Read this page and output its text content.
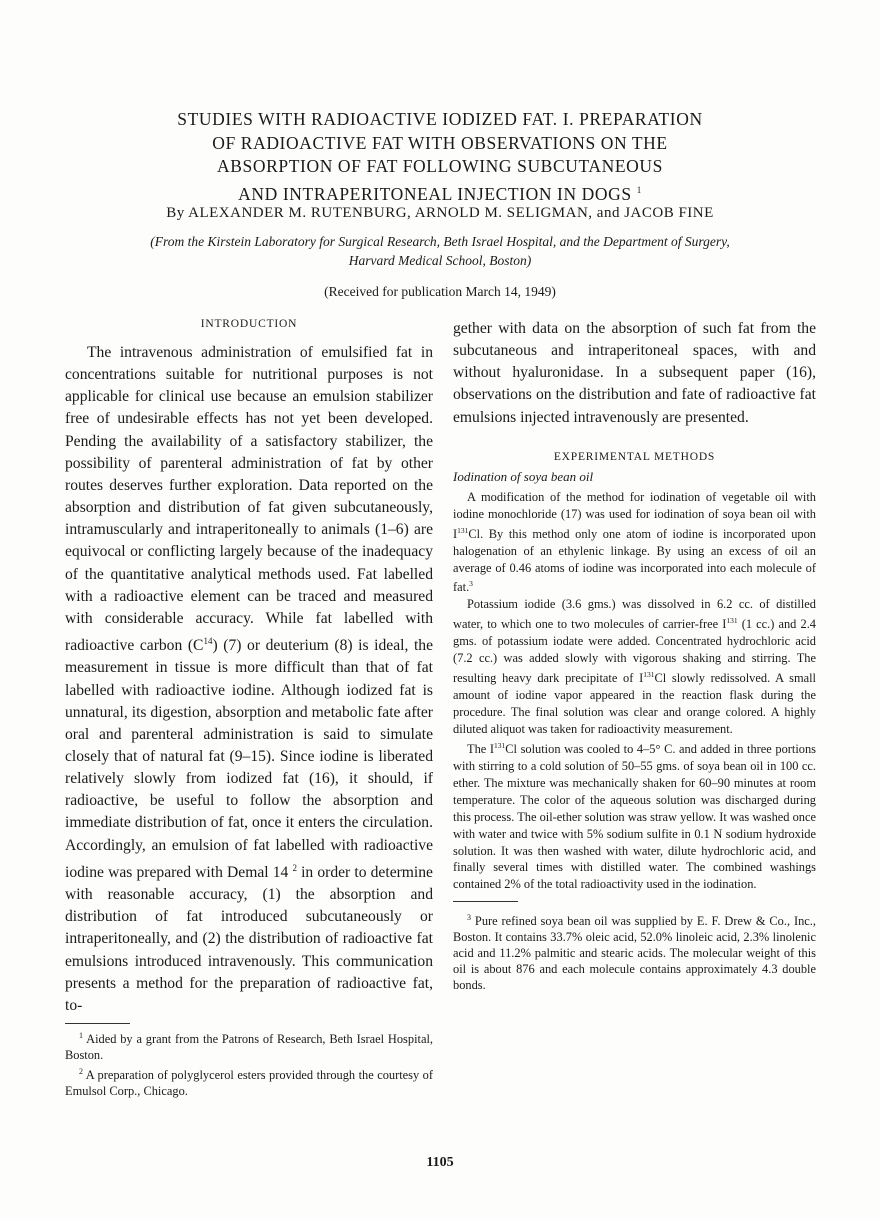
STUDIES WITH RADIOACTIVE IODIZED FAT. I. PREPARATION
OF RADIOACTIVE FAT WITH OBSERVATIONS ON THE
ABSORPTION OF FAT FOLLOWING SUBCUTANEOUS
AND INTRAPERITONEAL INJECTION IN DOGS $^1$
By ALEXANDER M. RUTENBURG, ARNOLD M. SELIGMAN, and JACOB FINE
(From the Kirstein Laboratory for Surgical Research, Beth Israel Hospital, and the Department of Surgery, Harvard Medical School, Boston)
(Received for publication March 14, 1949)

INTRODUCTION

The intravenous administration of emulsified fat in concentrations suitable for nutritional purposes is not applicable for clinical use because an emulsion stabilizer free of undesirable effects has not yet been developed. Pending the availability of a satisfactory stabilizer, the possibility of parenteral administration of fat by other routes deserves further exploration. Data reported on the absorption and distribution of fat given subcutaneously, intramuscularly and intraperitoneally to animals (1–6) are equivocal or conflicting largely because of the inadequacy of the quantitative analytical methods used. Fat labelled with a radioactive element can be traced and measured with considerable accuracy. While fat labelled with radioactive carbon $(C^{14})$ (7) or deuterium (8) is ideal, the measurement in tissue is more difficult than that of fat labelled with radioactive iodine. Although iodized fat is unnatural, its digestion, absorption and metabolic fate after oral and parenteral administration is said to simulate closely that of natural fat (9–15). Since iodine is liberated relatively slowly from iodized fat (16), it should, if radioactive, be useful to follow the absorption and immediate distribution of fat, once it enters the circulation. Accordingly, an emulsion of fat labelled with radioactive iodine was prepared with Demal 14 $^2$ in order to determine with reasonable accuracy, (1) the absorption and distribution of fat introduced subcutaneously or intraperitoneally, and (2) the distribution of radioactive fat emulsions introduced intravenously. This communication presents a method for the preparation of radioactive fat, to-

$^1$ Aided by a grant from the Patrons of Research, Beth Israel Hospital, Boston.

$^2$ A preparation of polyglycerol esters provided through the courtesy of Emulsol Corp., Chicago.

gether with data on the absorption of such fat from the subcutaneous and intraperitoneal spaces, with and without hyaluronidase. In a subsequent paper (16), observations on the distribution and fate of radioactive fat emulsions injected intravenously are presented.

EXPERIMENTAL METHODS

Iodination of soya bean oil

A modification of the method for iodination of vegetable oil with iodine monochloride (17) was used for iodination of soya bean oil with $I^{131}Cl$. By this method only one atom of iodine is incorporated upon halogenation of an ethylenic linkage. By using an excess of oil an average of 0.46 atoms of iodine was incorporated into each molecule of fat.$^3$

Potassium iodide (3.6 gms.) was dissolved in 6.2 cc. of distilled water, to which one to two molecules of carrier-free $I^{131}$ (1 cc.) and 2.4 gms. of potassium iodate were added. Concentrated hydrochloric acid (7.2 cc.) was added slowly with vigorous shaking and stirring. The resulting heavy dark precipitate of $I^{131}Cl$ slowly redissolved. A small amount of iodine vapor appeared in the reaction flask during the procedure. The final solution was clear and orange colored. A highly diluted aliquot was taken for radioactivity measurement.

The $I^{131}Cl$ solution was cooled to 4–5° C. and added in three portions with stirring to a cold solution of 50–55 gms. of soya bean oil in 100 cc. ether. The mixture was mechanically shaken for 60–90 minutes at room temperature. The color of the aqueous solution was discharged during this process. The oil-ether solution was straw yellow. It was washed once with water and twice with 5% sodium sulfite in 0.1 N sodium hydroxide solution. It was then washed with water, dilute hydrochloric acid, and finally several times with distilled water. The combined washings contained 2% of the total radioactivity used in the iodination.

$^3$ Pure refined soya bean oil was supplied by E. F. Drew & Co., Inc., Boston. It contains 33.7% oleic acid, 52.0% linoleic acid, 2.3% linolenic acid and 11.2% palmitic and stearic acids. The molecular weight of this oil is about 876 and each molecule contains approximately 4.3 double bonds.

1105
